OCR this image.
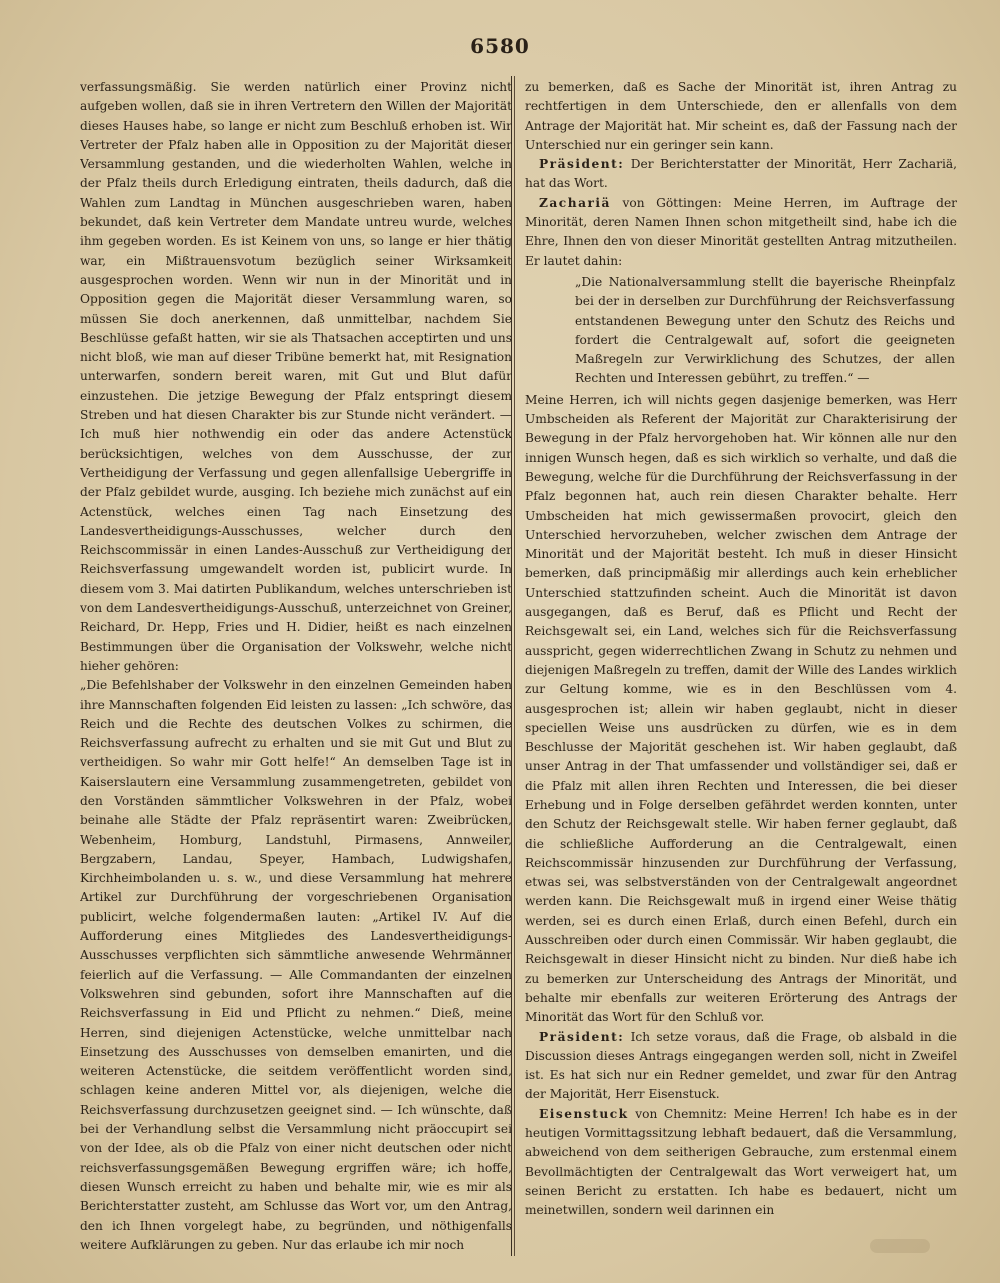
6580

verfassungsmäßig. Sie werden natürlich einer Provinz nicht aufgeben wollen, daß sie in ihren Vertretern den Willen der Majorität dieses Hauses habe, so lange er nicht zum Beschluß erhoben ist. Wir Vertreter der Pfalz haben alle in Opposition zu der Majorität dieser Versammlung gestanden, und die wiederholten Wahlen, welche in der Pfalz theils durch Erledigung eintraten, theils dadurch, daß die Wahlen zum Landtag in München ausgeschrieben waren, haben bekundet, daß kein Vertreter dem Mandate untreu wurde, welches ihm gegeben worden. Es ist Keinem von uns, so lange er hier thätig war, ein Mißtrauensvotum bezüglich seiner Wirksamkeit ausgesprochen worden. Wenn wir nun in der Minorität und in Opposition gegen die Majorität dieser Versammlung waren, so müssen Sie doch anerkennen, daß unmittelbar, nachdem Sie Beschlüsse gefaßt hatten, wir sie als Thatsachen acceptirten und uns nicht bloß, wie man auf dieser Tribüne bemerkt hat, mit Resignation unterwarfen, sondern bereit waren, mit Gut und Blut dafür einzustehen. Die jetzige Bewegung der Pfalz entspringt diesem Streben und hat diesen Charakter bis zur Stunde nicht verändert. — Ich muß hier nothwendig ein oder das andere Actenstück berücksichtigen, welches von dem Ausschusse, der zur Vertheidigung der Verfassung und gegen allenfallsige Uebergriffe in der Pfalz gebildet wurde, ausging. Ich beziehe mich zunächst auf ein Actenstück, welches einen Tag nach Einsetzung des Landesvertheidigungs-Ausschusses, welcher durch den Reichscommissär in einen Landes-Ausschuß zur Vertheidigung der Reichsverfassung umgewandelt worden ist, publicirt wurde. In diesem vom 3. Mai datirten Publikandum, welches unterschrieben ist von dem Landesvertheidigungs-Ausschuß, unterzeichnet von Greiner, Reichard, Dr. Hepp, Fries und H. Didier, heißt es nach einzelnen Bestimmungen über die Organisation der Volkswehr, welche nicht hieher gehören:

„Die Befehlshaber der Volkswehr in den einzelnen Gemeinden haben ihre Mannschaften folgenden Eid leisten zu lassen: „Ich schwöre, das Reich und die Rechte des deutschen Volkes zu schirmen, die Reichsverfassung aufrecht zu erhalten und sie mit Gut und Blut zu vertheidigen. So wahr mir Gott helfe!“ An demselben Tage ist in Kaiserslautern eine Versammlung zusammengetreten, gebildet von den Vorständen sämmtlicher Volkswehren in der Pfalz, wobei beinahe alle Städte der Pfalz repräsentirt waren: Zweibrücken, Webenheim, Homburg, Landstuhl, Pirmasens, Annweiler, Bergzabern, Landau, Speyer, Hambach, Ludwigshafen, Kirchheimbolanden u. s. w., und diese Versammlung hat mehrere Artikel zur Durchführung der vorgeschriebenen Organisation publicirt, welche folgendermaßen lauten: „Artikel IV. Auf die Aufforderung eines Mitgliedes des Landesvertheidigungs-Ausschusses verpflichten sich sämmtliche anwesende Wehrmänner feierlich auf die Verfassung. — Alle Commandanten der einzelnen Volkswehren sind gebunden, sofort ihre Mannschaften auf die Reichsverfassung in Eid und Pflicht zu nehmen.“ Dieß, meine Herren, sind diejenigen Actenstücke, welche unmittelbar nach Einsetzung des Ausschusses von demselben emanirten, und die weiteren Actenstücke, die seitdem veröffentlicht worden sind, schlagen keine anderen Mittel vor, als diejenigen, welche die Reichsverfassung durchzusetzen geeignet sind. — Ich wünschte, daß bei der Verhandlung selbst die Versammlung nicht präoccupirt sei von der Idee, als ob die Pfalz von einer nicht deutschen oder nicht reichsverfassungsgemäßen Bewegung ergriffen wäre; ich hoffe, diesen Wunsch erreicht zu haben und behalte mir, wie es mir als Berichterstatter zusteht, am Schlusse das Wort vor, um den Antrag, den ich Ihnen vorgelegt habe, zu begründen, und nöthigenfalls weitere Aufklärungen zu geben. Nur das erlaube ich mir noch

zu bemerken, daß es Sache der Minorität ist, ihren Antrag zu rechtfertigen in dem Unterschiede, den er allenfalls von dem Antrage der Majorität hat. Mir scheint es, daß der Fassung nach der Unterschied nur ein geringer sein kann.

Präsident: Der Berichterstatter der Minorität, Herr Zachariä, hat das Wort.

Zachariä von Göttingen: Meine Herren, im Auftrage der Minorität, deren Namen Ihnen schon mitgetheilt sind, habe ich die Ehre, Ihnen den von dieser Minorität gestellten Antrag mitzutheilen. Er lautet dahin:

„Die Nationalversammlung stellt die bayerische Rheinpfalz bei der in derselben zur Durchführung der Reichsverfassung entstandenen Bewegung unter den Schutz des Reichs und fordert die Centralgewalt auf, sofort die geeigneten Maßregeln zur Verwirklichung des Schutzes, der allen Rechten und Interessen gebührt, zu treffen.“ —

Meine Herren, ich will nichts gegen dasjenige bemerken, was Herr Umbscheiden als Referent der Majorität zur Charakterisirung der Bewegung in der Pfalz hervorgehoben hat. Wir können alle nur den innigen Wunsch hegen, daß es sich wirklich so verhalte, und daß die Bewegung, welche für die Durchführung der Reichsverfassung in der Pfalz begonnen hat, auch rein diesen Charakter behalte. Herr Umbscheiden hat mich gewissermaßen provocirt, gleich den Unterschied hervorzuheben, welcher zwischen dem Antrage der Minorität und der Majorität besteht. Ich muß in dieser Hinsicht bemerken, daß principmäßig mir allerdings auch kein erheblicher Unterschied stattzufinden scheint. Auch die Minorität ist davon ausgegangen, daß es Beruf, daß es Pflicht und Recht der Reichsgewalt sei, ein Land, welches sich für die Reichsverfassung ausspricht, gegen widerrechtlichen Zwang in Schutz zu nehmen und diejenigen Maßregeln zu treffen, damit der Wille des Landes wirklich zur Geltung komme, wie es in den Beschlüssen vom 4. ausgesprochen ist; allein wir haben geglaubt, nicht in dieser speciellen Weise uns ausdrücken zu dürfen, wie es in dem Beschlusse der Majorität geschehen ist. Wir haben geglaubt, daß unser Antrag in der That umfassender und vollständiger sei, daß er die Pfalz mit allen ihren Rechten und Interessen, die bei dieser Erhebung und in Folge derselben gefährdet werden konnten, unter den Schutz der Reichsgewalt stelle. Wir haben ferner geglaubt, daß die schließliche Aufforderung an die Centralgewalt, einen Reichscommissär hinzusenden zur Durchführung der Verfassung, etwas sei, was selbstverständen von der Centralgewalt angeordnet werden kann. Die Reichsgewalt muß in irgend einer Weise thätig werden, sei es durch einen Erlaß, durch einen Befehl, durch ein Ausschreiben oder durch einen Commissär. Wir haben geglaubt, die Reichsgewalt in dieser Hinsicht nicht zu binden. Nur dieß habe ich zu bemerken zur Unterscheidung des Antrags der Minorität, und behalte mir ebenfalls zur weiteren Erörterung des Antrags der Minorität das Wort für den Schluß vor.

Präsident: Ich setze voraus, daß die Frage, ob alsbald in die Discussion dieses Antrags eingegangen werden soll, nicht in Zweifel ist. Es hat sich nur ein Redner gemeldet, und zwar für den Antrag der Majorität, Herr Eisenstuck.

Eisenstuck von Chemnitz: Meine Herren! Ich habe es in der heutigen Vormittagssitzung lebhaft bedauert, daß die Versammlung, abweichend von dem seitherigen Gebrauche, zum erstenmal einem Bevollmächtigten der Centralgewalt das Wort verweigert hat, um seinen Bericht zu erstatten. Ich habe es bedauert, nicht um meinetwillen, sondern weil darinnen ein
